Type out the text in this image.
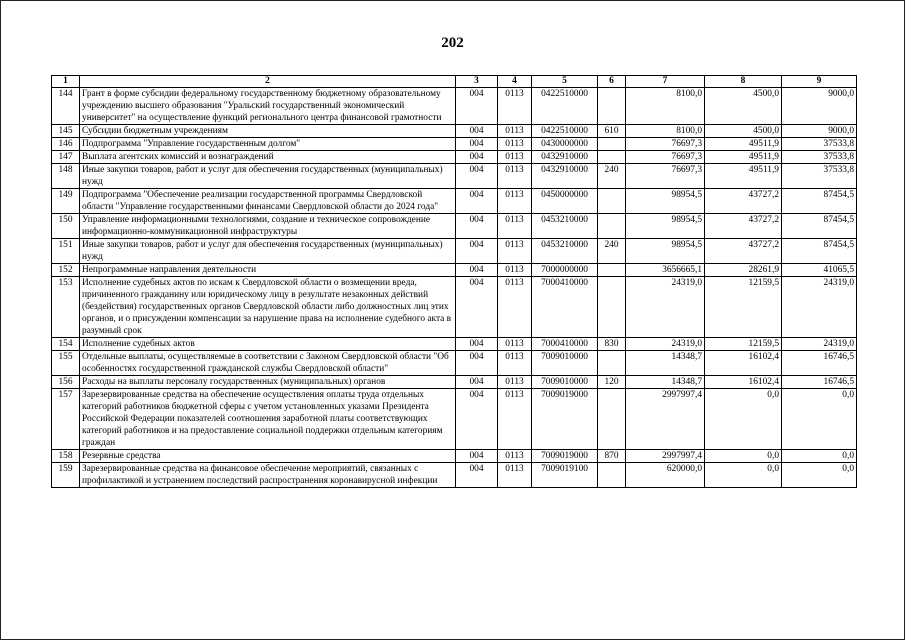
202
1	2	3	4	5	6	7	8	9
144	Грант в форме субсидии федеральному государственному бюджетному образовательному учреждению высшего образования "Уральский государственный экономический университет" на осуществление функций регионального центра финансовой грамотности	004	0113	0422510000		8100,0	4500,0	9000,0
145	Субсидии бюджетным учреждениям	004	0113	0422510000	610	8100,0	4500,0	9000,0
146	Подпрограмма "Управление государственным долгом"	004	0113	0430000000		76697,3	49511,9	37533,8
147	Выплата агентских комиссий и вознаграждений	004	0113	0432910000		76697,3	49511,9	37533,8
148	Иные закупки товаров, работ и услуг для обеспечения государственных (муниципальных) нужд	004	0113	0432910000	240	76697,3	49511,9	37533,8
149	Подпрограмма "Обеспечение реализации государственной программы Свердловской области "Управление государственными финансами Свердловской области до 2024 года"	004	0113	0450000000		98954,5	43727,2	87454,5
150	Управление информационными технологиями, создание и техническое сопровождение информационно-коммуникационной инфраструктуры	004	0113	0453210000		98954,5	43727,2	87454,5
151	Иные закупки товаров, работ и услуг для обеспечения государственных (муниципальных) нужд	004	0113	0453210000	240	98954,5	43727,2	87454,5
152	Непрограммные направления деятельности	004	0113	7000000000		3656665,1	28261,9	41065,5
153	Исполнение судебных актов по искам к Свердловской области о возмещении вреда, причиненного гражданину или юридическому лицу в результате незаконных действий (бездействия) государственных органов Свердловской области либо должностных лиц этих органов, и о присуждении компенсации за нарушение права на исполнение судебного акта в разумный срок	004	0113	7000410000		24319,0	12159,5	24319,0
154	Исполнение судебных актов	004	0113	7000410000	830	24319,0	12159,5	24319,0
155	Отдельные выплаты, осуществляемые в соответствии с Законом Свердловской области "Об особенностях государственной гражданской службы Свердловской области"	004	0113	7009010000		14348,7	16102,4	16746,5
156	Расходы на выплаты персоналу государственных (муниципальных) органов	004	0113	7009010000	120	14348,7	16102,4	16746,5
157	Зарезервированные средства на обеспечение осуществления оплаты труда отдельных категорий работников бюджетной сферы с учетом установленных указами Президента Российской Федерации показателей соотношения заработной платы соответствующих категорий работников и на предоставление социальной поддержки отдельным категориям граждан	004	0113	7009019000		2997997,4	0,0	0,0
158	Резервные средства	004	0113	7009019000	870	2997997,4	0,0	0,0
159	Зарезервированные средства на финансовое обеспечение мероприятий, связанных с профилактикой и устранением последствий распространения коронавирусной инфекции	004	0113	7009019100		620000,0	0,0	0,0
